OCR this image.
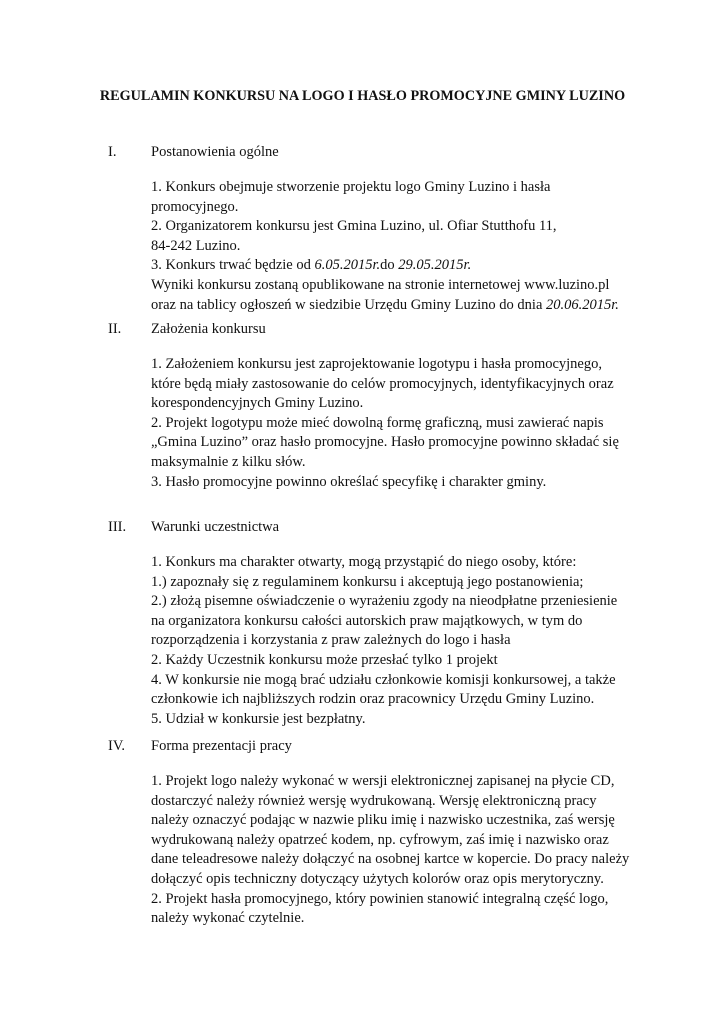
REGULAMIN KONKURSU NA LOGO I HASŁO PROMOCYJNE GMINY LUZINO
I. Postanowienia ogólne
1. Konkurs obejmuje stworzenie projektu logo Gminy Luzino i hasła
promocyjnego.
2. Organizatorem konkursu jest Gmina Luzino, ul. Ofiar Stutthofu 11,
84-242 Luzino.
3. Konkurs trwać będzie od 6.05.2015r.do 29.05.2015r.
Wyniki konkursu zostaną opublikowane na stronie internetowej www.luzino.pl
oraz na tablicy ogłoszeń w siedzibie Urzędu Gminy Luzino do dnia 20.06.2015r.
II. Założenia konkursu
1. Założeniem konkursu jest zaprojektowanie logotypu i hasła promocyjnego,
które będą miały zastosowanie do celów promocyjnych, identyfikacyjnych oraz
korespondencyjnych Gminy Luzino.
2. Projekt logotypu może mieć dowolną formę graficzną, musi zawierać napis
„Gmina Luzino” oraz hasło promocyjne. Hasło promocyjne powinno składać się
maksymalnie z kilku słów.
3. Hasło promocyjne powinno określać specyfikę i charakter gminy.
III. Warunki uczestnictwa
1. Konkurs ma charakter otwarty, mogą przystąpić do niego osoby, które:
1.) zapoznały się z regulaminem konkursu i akceptują jego postanowienia;
2.) złożą pisemne oświadczenie o wyrażeniu zgody na nieodpłatne przeniesienie
na organizatora konkursu całości autorskich praw majątkowych, w tym do
rozporządzenia i korzystania z praw zależnych do logo i hasła
2. Każdy Uczestnik konkursu może przesłać tylko 1 projekt
4. W konkursie nie mogą brać udziału członkowie komisji konkursowej, a także
członkowie ich najbliższych rodzin oraz pracownicy Urzędu Gminy Luzino.
5. Udział w konkursie jest bezpłatny.
IV. Forma prezentacji pracy
1. Projekt logo należy wykonać w wersji elektronicznej zapisanej na płycie CD,
dostarczyć należy również wersję wydrukowaną. Wersję elektroniczną pracy
należy oznaczyć podając w nazwie pliku imię i nazwisko uczestnika, zaś wersję
wydrukowaną należy opatrzeć kodem, np. cyfrowym, zaś imię i nazwisko oraz
dane teleadresowe należy dołączyć na osobnej kartce w kopercie. Do pracy należy
dołączyć opis techniczny dotyczący użytych kolorów oraz opis merytoryczny.
2. Projekt hasła promocyjnego, który powinien stanowić integralną część logo,
należy wykonać czytelnie.
